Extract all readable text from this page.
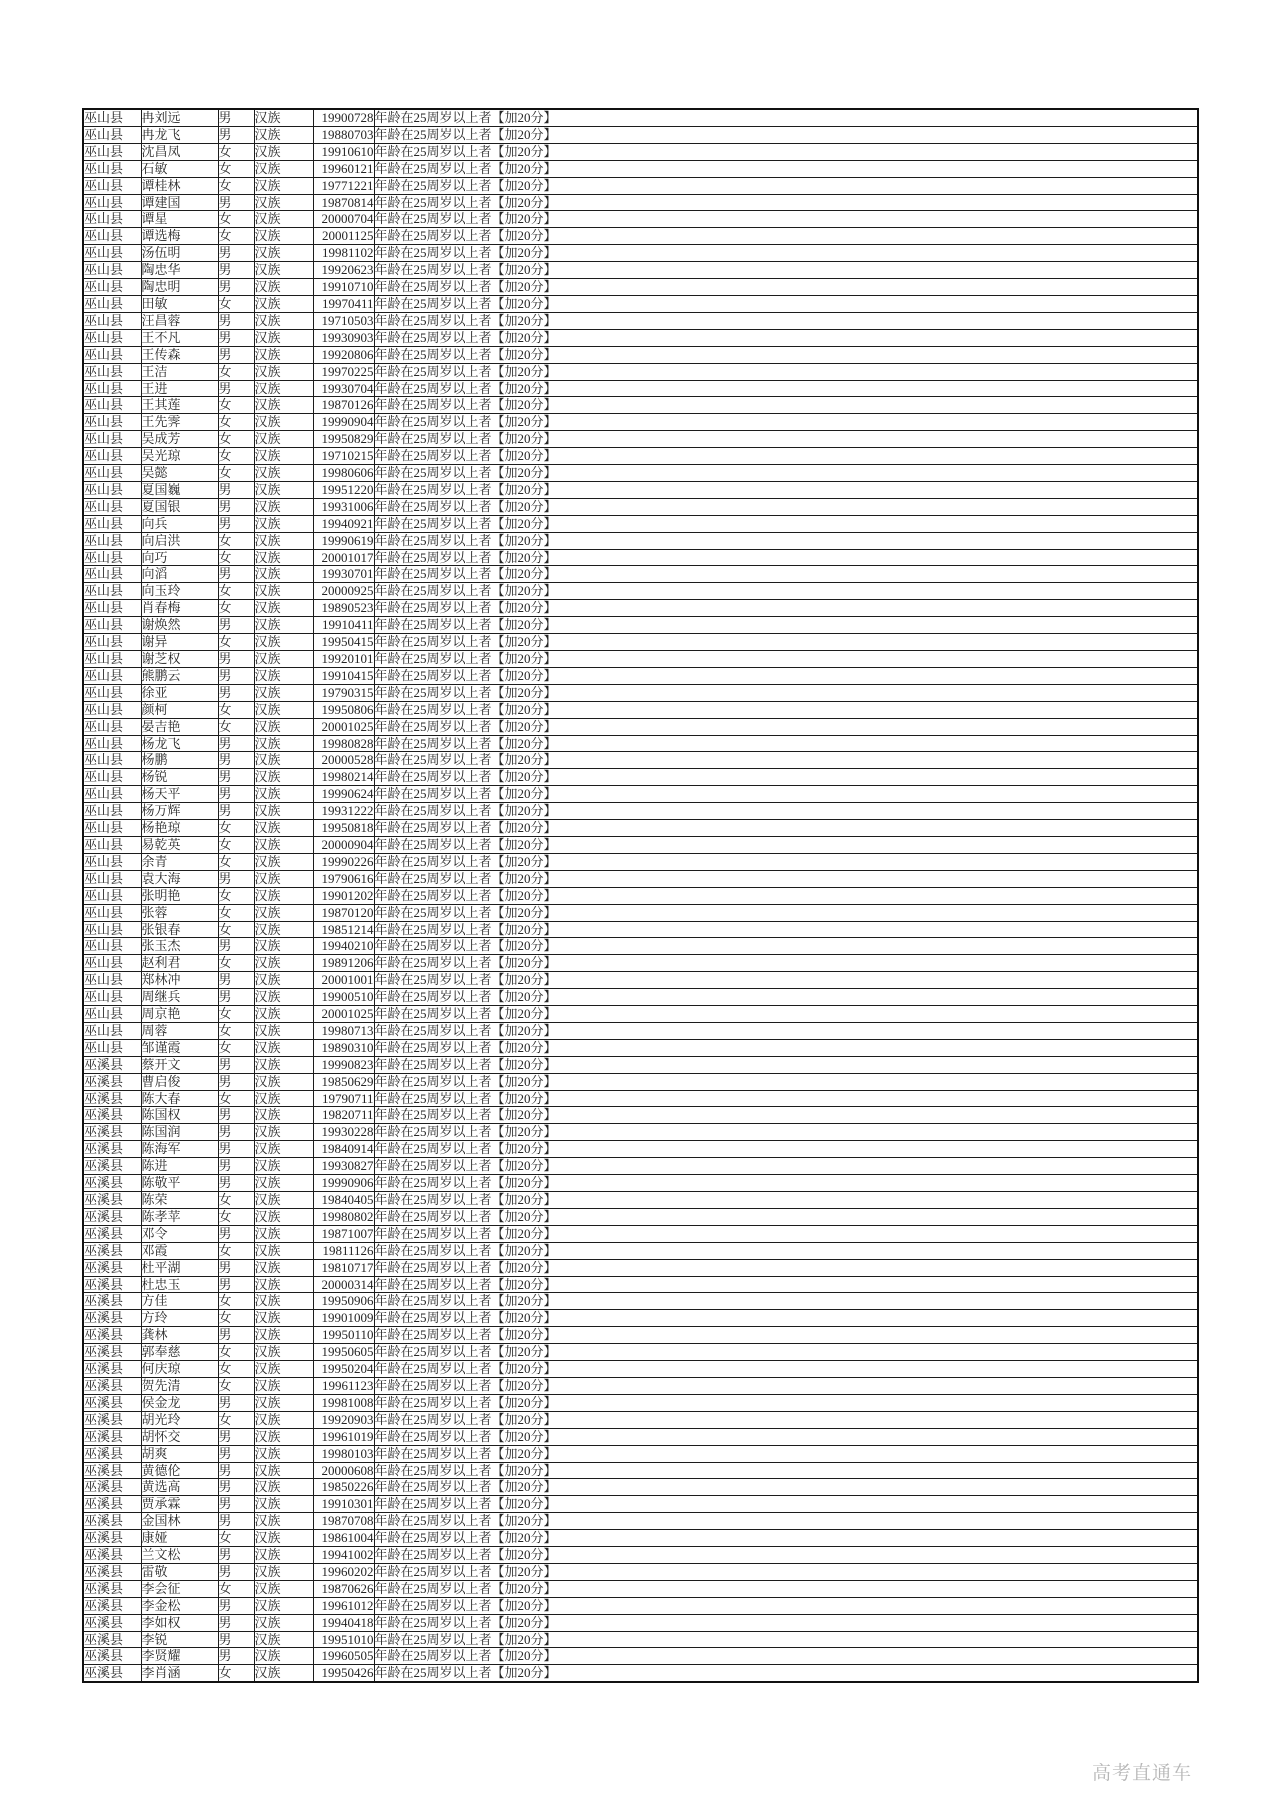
巫山县	冉刘远	男	汉族	19900728	年龄在25周岁以上者【加20分】
巫山县	冉龙飞	男	汉族	19880703	年龄在25周岁以上者【加20分】
巫山县	沈昌凤	女	汉族	19910610	年龄在25周岁以上者【加20分】
巫山县	石敏	女	汉族	19960121	年龄在25周岁以上者【加20分】
巫山县	谭桂林	女	汉族	19771221	年龄在25周岁以上者【加20分】
巫山县	谭建国	男	汉族	19870814	年龄在25周岁以上者【加20分】
巫山县	谭星	女	汉族	20000704	年龄在25周岁以上者【加20分】
巫山县	谭选梅	女	汉族	20001125	年龄在25周岁以上者【加20分】
巫山县	汤伍明	男	汉族	19981102	年龄在25周岁以上者【加20分】
巫山县	陶忠华	男	汉族	19920623	年龄在25周岁以上者【加20分】
巫山县	陶忠明	男	汉族	19910710	年龄在25周岁以上者【加20分】
巫山县	田敏	女	汉族	19970411	年龄在25周岁以上者【加20分】
巫山县	汪昌蓉	男	汉族	19710503	年龄在25周岁以上者【加20分】
巫山县	王不凡	男	汉族	19930903	年龄在25周岁以上者【加20分】
巫山县	王传森	男	汉族	19920806	年龄在25周岁以上者【加20分】
巫山县	王洁	女	汉族	19970225	年龄在25周岁以上者【加20分】
巫山县	王进	男	汉族	19930704	年龄在25周岁以上者【加20分】
巫山县	王其莲	女	汉族	19870126	年龄在25周岁以上者【加20分】
巫山县	王先霁	女	汉族	19990904	年龄在25周岁以上者【加20分】
巫山县	吴成芳	女	汉族	19950829	年龄在25周岁以上者【加20分】
巫山县	吴光琼	女	汉族	19710215	年龄在25周岁以上者【加20分】
巫山县	吴懿	女	汉族	19980606	年龄在25周岁以上者【加20分】
巫山县	夏国巍	男	汉族	19951220	年龄在25周岁以上者【加20分】
巫山县	夏国银	男	汉族	19931006	年龄在25周岁以上者【加20分】
巫山县	向兵	男	汉族	19940921	年龄在25周岁以上者【加20分】
巫山县	向启洪	女	汉族	19990619	年龄在25周岁以上者【加20分】
巫山县	向巧	女	汉族	20001017	年龄在25周岁以上者【加20分】
巫山县	向滔	男	汉族	19930701	年龄在25周岁以上者【加20分】
巫山县	向玉玲	女	汉族	20000925	年龄在25周岁以上者【加20分】
巫山县	肖春梅	女	汉族	19890523	年龄在25周岁以上者【加20分】
巫山县	谢焕然	男	汉族	19910411	年龄在25周岁以上者【加20分】
巫山县	谢异	女	汉族	19950415	年龄在25周岁以上者【加20分】
巫山县	谢芝权	男	汉族	19920101	年龄在25周岁以上者【加20分】
巫山县	熊鹏云	男	汉族	19910415	年龄在25周岁以上者【加20分】
巫山县	徐亚	男	汉族	19790315	年龄在25周岁以上者【加20分】
巫山县	颜柯	女	汉族	19950806	年龄在25周岁以上者【加20分】
巫山县	晏吉艳	女	汉族	20001025	年龄在25周岁以上者【加20分】
巫山县	杨龙飞	男	汉族	19980828	年龄在25周岁以上者【加20分】
巫山县	杨鹏	男	汉族	20000528	年龄在25周岁以上者【加20分】
巫山县	杨锐	男	汉族	19980214	年龄在25周岁以上者【加20分】
巫山县	杨天平	男	汉族	19990624	年龄在25周岁以上者【加20分】
巫山县	杨万辉	男	汉族	19931222	年龄在25周岁以上者【加20分】
巫山县	杨艳琼	女	汉族	19950818	年龄在25周岁以上者【加20分】
巫山县	易乾英	女	汉族	20000904	年龄在25周岁以上者【加20分】
巫山县	余青	女	汉族	19990226	年龄在25周岁以上者【加20分】
巫山县	袁大海	男	汉族	19790616	年龄在25周岁以上者【加20分】
巫山县	张明艳	女	汉族	19901202	年龄在25周岁以上者【加20分】
巫山县	张蓉	女	汉族	19870120	年龄在25周岁以上者【加20分】
巫山县	张银春	女	汉族	19851214	年龄在25周岁以上者【加20分】
巫山县	张玉杰	男	汉族	19940210	年龄在25周岁以上者【加20分】
巫山县	赵利君	女	汉族	19891206	年龄在25周岁以上者【加20分】
巫山县	郑林冲	男	汉族	20001001	年龄在25周岁以上者【加20分】
巫山县	周继兵	男	汉族	19900510	年龄在25周岁以上者【加20分】
巫山县	周京艳	女	汉族	20001025	年龄在25周岁以上者【加20分】
巫山县	周蓉	女	汉族	19980713	年龄在25周岁以上者【加20分】
巫山县	邹谨霞	女	汉族	19890310	年龄在25周岁以上者【加20分】
巫溪县	蔡开文	男	汉族	19990823	年龄在25周岁以上者【加20分】
巫溪县	曹启俊	男	汉族	19850629	年龄在25周岁以上者【加20分】
巫溪县	陈大春	女	汉族	19790711	年龄在25周岁以上者【加20分】
巫溪县	陈国权	男	汉族	19820711	年龄在25周岁以上者【加20分】
巫溪县	陈国润	男	汉族	19930228	年龄在25周岁以上者【加20分】
巫溪县	陈海军	男	汉族	19840914	年龄在25周岁以上者【加20分】
巫溪县	陈进	男	汉族	19930827	年龄在25周岁以上者【加20分】
巫溪县	陈敬平	男	汉族	19990906	年龄在25周岁以上者【加20分】
巫溪县	陈荣	女	汉族	19840405	年龄在25周岁以上者【加20分】
巫溪县	陈孝苹	女	汉族	19980802	年龄在25周岁以上者【加20分】
巫溪县	邓令	男	汉族	19871007	年龄在25周岁以上者【加20分】
巫溪县	邓霞	女	汉族	19811126	年龄在25周岁以上者【加20分】
巫溪县	杜平湖	男	汉族	19810717	年龄在25周岁以上者【加20分】
巫溪县	杜忠玉	男	汉族	20000314	年龄在25周岁以上者【加20分】
巫溪县	方佳	女	汉族	19950906	年龄在25周岁以上者【加20分】
巫溪县	方玲	女	汉族	19901009	年龄在25周岁以上者【加20分】
巫溪县	龚林	男	汉族	19950110	年龄在25周岁以上者【加20分】
巫溪县	郭奉慈	女	汉族	19950605	年龄在25周岁以上者【加20分】
巫溪县	何庆琼	女	汉族	19950204	年龄在25周岁以上者【加20分】
巫溪县	贺先清	女	汉族	19961123	年龄在25周岁以上者【加20分】
巫溪县	侯金龙	男	汉族	19981008	年龄在25周岁以上者【加20分】
巫溪县	胡光玲	女	汉族	19920903	年龄在25周岁以上者【加20分】
巫溪县	胡怀交	男	汉族	19961019	年龄在25周岁以上者【加20分】
巫溪县	胡爽	男	汉族	19980103	年龄在25周岁以上者【加20分】
巫溪县	黄德伦	男	汉族	20000608	年龄在25周岁以上者【加20分】
巫溪县	黄选高	男	汉族	19850226	年龄在25周岁以上者【加20分】
巫溪县	贾承霖	男	汉族	19910301	年龄在25周岁以上者【加20分】
巫溪县	金国林	男	汉族	19870708	年龄在25周岁以上者【加20分】
巫溪县	康娅	女	汉族	19861004	年龄在25周岁以上者【加20分】
巫溪县	兰文松	男	汉族	19941002	年龄在25周岁以上者【加20分】
巫溪县	雷敬	男	汉族	19960202	年龄在25周岁以上者【加20分】
巫溪县	李会征	女	汉族	19870626	年龄在25周岁以上者【加20分】
巫溪县	李金松	男	汉族	19961012	年龄在25周岁以上者【加20分】
巫溪县	李如权	男	汉族	19940418	年龄在25周岁以上者【加20分】
巫溪县	李锐	男	汉族	19951010	年龄在25周岁以上者【加20分】
巫溪县	李贤耀	男	汉族	19960505	年龄在25周岁以上者【加20分】
巫溪县	李肖涵	女	汉族	19950426	年龄在25周岁以上者【加20分】
高考直通车
